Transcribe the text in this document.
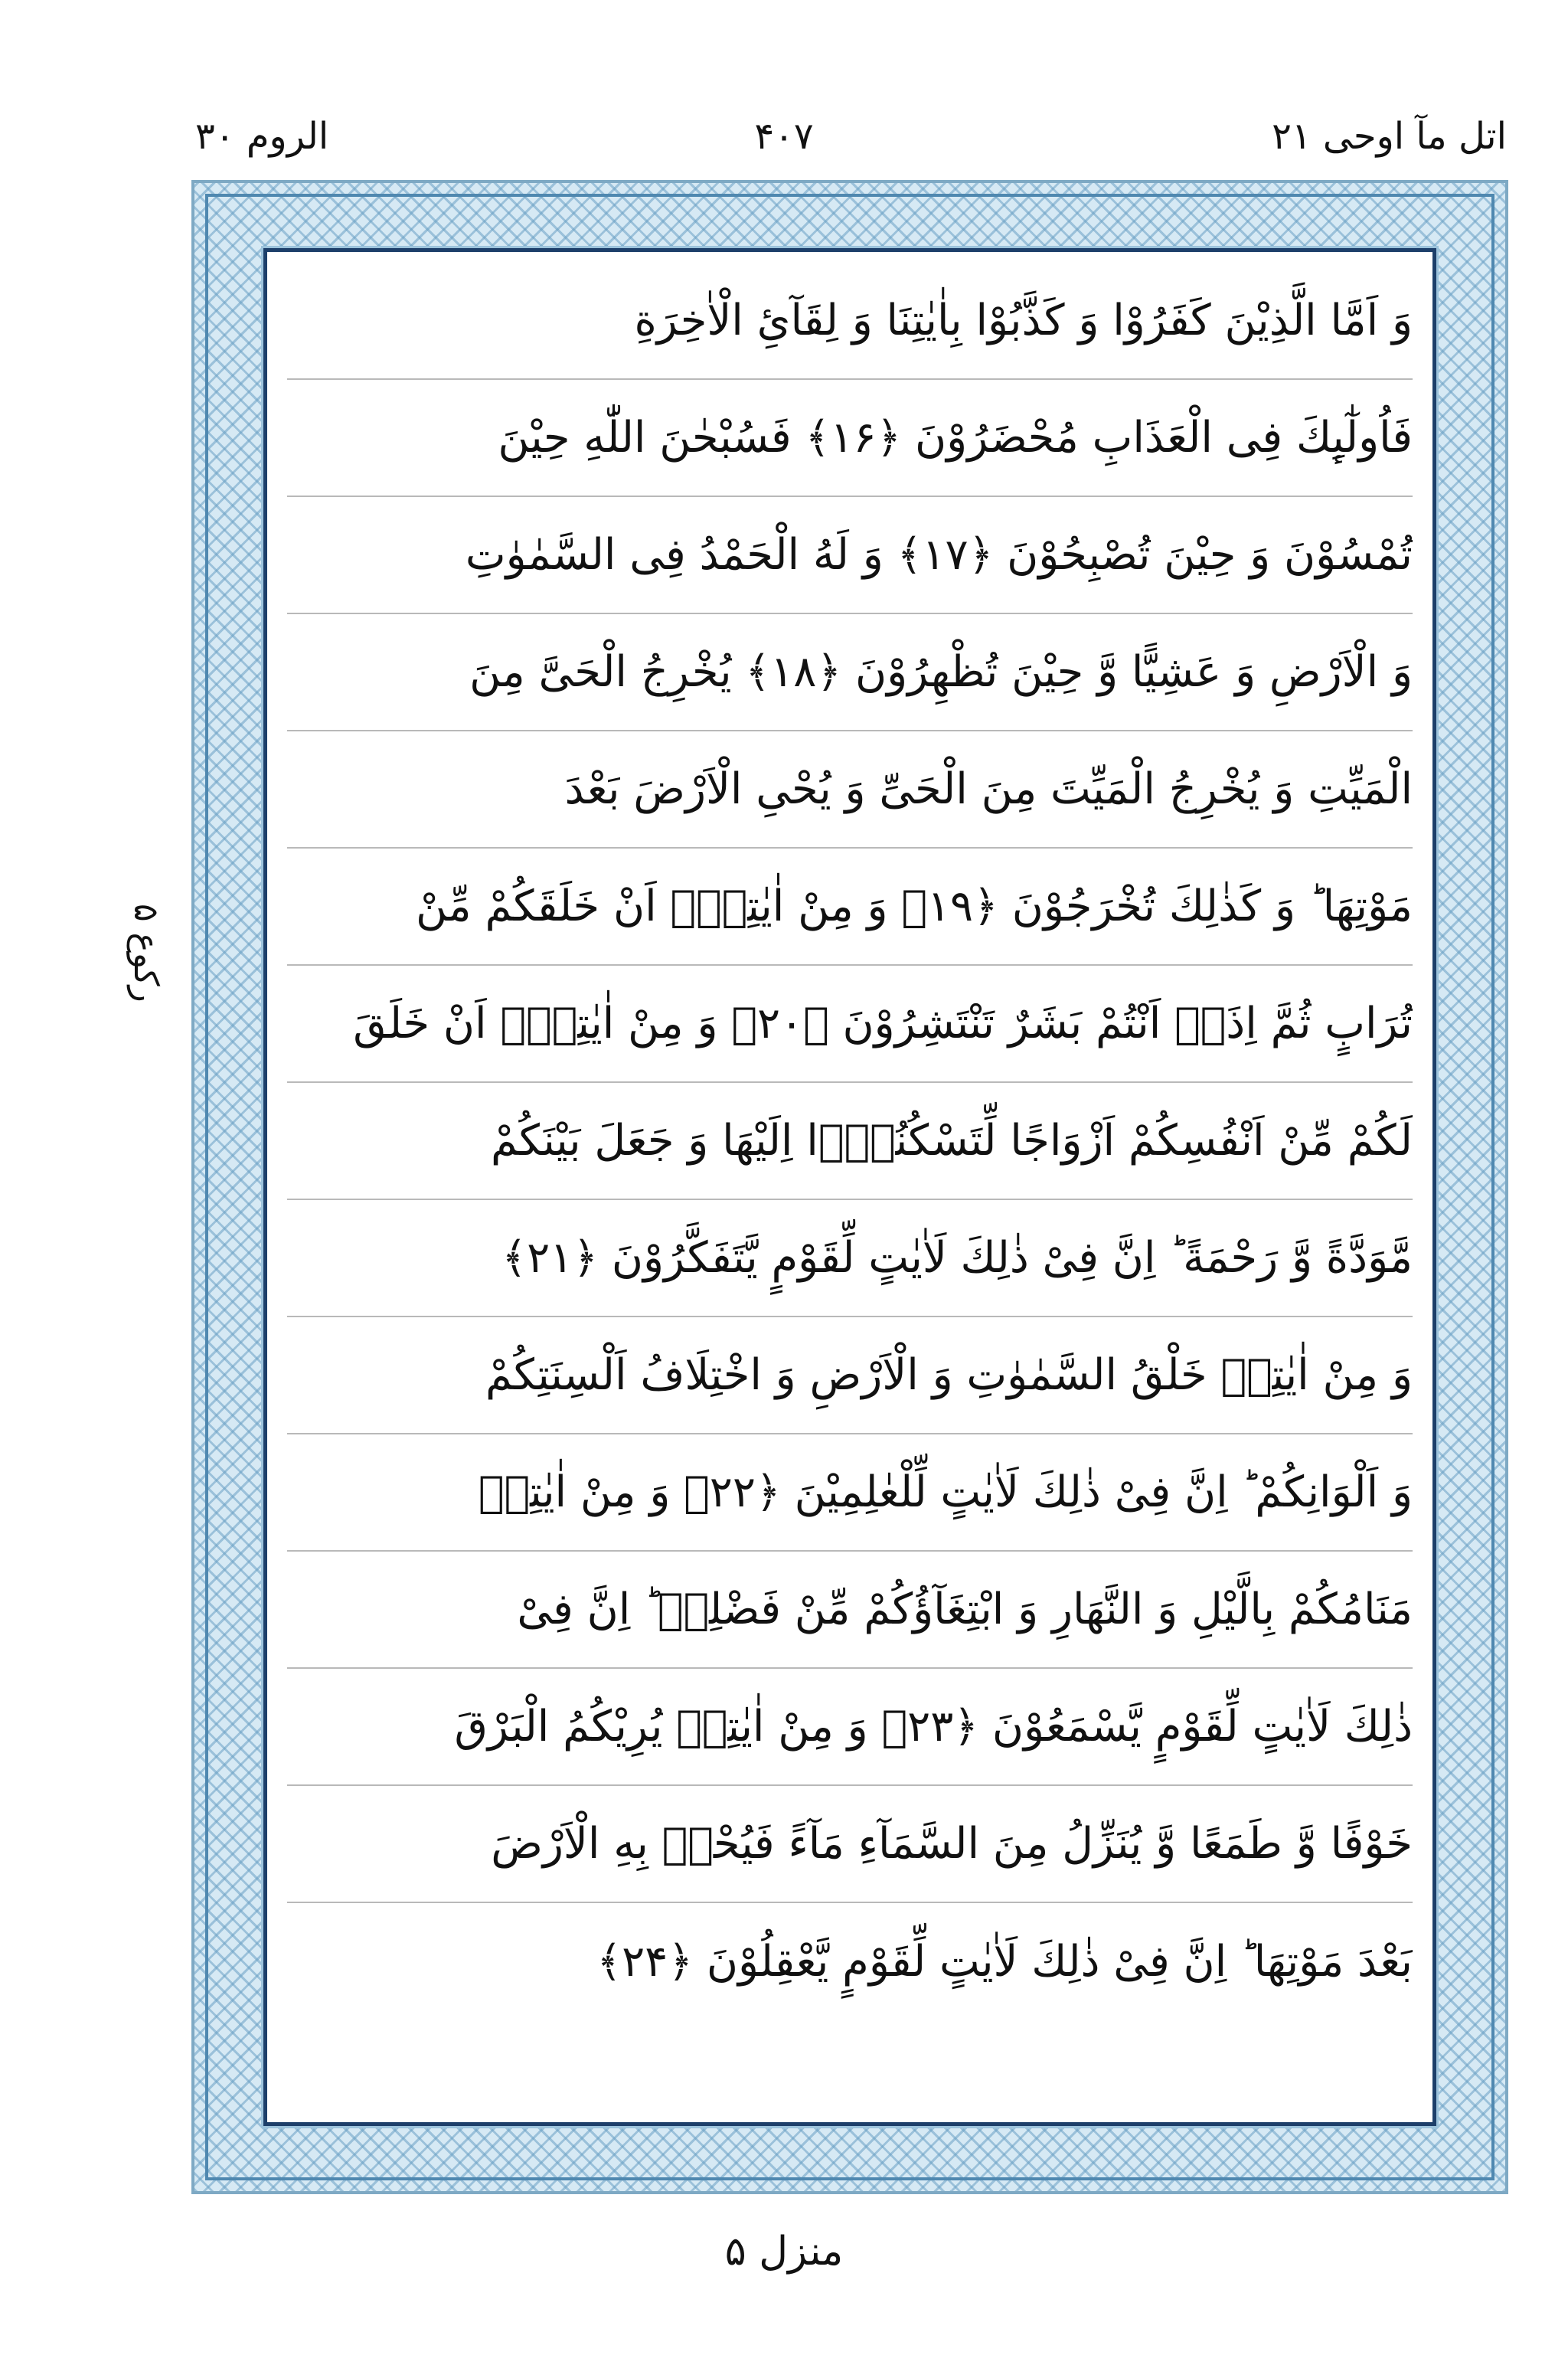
اتل مآ اوحی ۲۱
۴۰۷
الروم ۳۰
رکوع ۵
وَ اَمَّا الَّذِیْنَ كَفَرُوْا وَ كَذَّبُوْا بِاٰیٰتِنَا وَ لِقَآئِ الْاٰخِرَةِ
فَاُولٰٓىِٕكَ فِی الْعَذَابِ مُحْضَرُوْنَ ﴿۱۶﴾ فَسُبْحٰنَ اللّٰهِ حِیْنَ
تُمْسُوْنَ وَ حِیْنَ تُصْبِحُوْنَ ﴿۱۷﴾ وَ لَهُ الْحَمْدُ فِی السَّمٰوٰتِ
وَ الْاَرْضِ وَ عَشِیًّا وَّ حِیْنَ تُظْهِرُوْنَ ﴿۱۸﴾ یُخْرِجُ الْحَیَّ مِنَ
الْمَیِّتِ وَ یُخْرِجُ الْمَیِّتَ مِنَ الْحَیِّ وَ یُحْیِ الْاَرْضَ بَعْدَ
مَوْتِهَا ؕ وَ كَذٰلِكَ تُخْرَجُوْنَ ﴿۱۹﴾ وَ مِنْ اٰیٰتِهٖۤ اَنْ خَلَقَكُمْ مِّنْ
تُرَابٍ ثُمَّ اِذَاۤ اَنْتُمْ بَشَرٌ تَنْتَشِرُوْنَ ﴿۲۰﴾ وَ مِنْ اٰیٰتِهٖۤ اَنْ خَلَقَ
لَكُمْ مِّنْ اَنْفُسِكُمْ اَزْوَاجًا لِّتَسْكُنُوْۤا اِلَیْهَا وَ جَعَلَ بَیْنَكُمْ
مَّوَدَّةً وَّ رَحْمَةً ؕ اِنَّ فِیْ ذٰلِكَ لَاٰیٰتٍ لِّقَوْمٍ یَّتَفَكَّرُوْنَ ﴿۲۱﴾
وَ مِنْ اٰیٰتِهٖ خَلْقُ السَّمٰوٰتِ وَ الْاَرْضِ وَ اخْتِلَافُ اَلْسِنَتِكُمْ
وَ اَلْوَانِكُمْ ؕ اِنَّ فِیْ ذٰلِكَ لَاٰیٰتٍ لِّلْعٰلِمِیْنَ ﴿۲۲﴾ وَ مِنْ اٰیٰتِهٖ
مَنَامُكُمْ بِالَّیْلِ وَ النَّهَارِ وَ ابْتِغَآؤُكُمْ مِّنْ فَضْلِهٖ ؕ اِنَّ فِیْ
ذٰلِكَ لَاٰیٰتٍ لِّقَوْمٍ یَّسْمَعُوْنَ ﴿۲۳﴾ وَ مِنْ اٰیٰتِهٖ یُرِیْكُمُ الْبَرْقَ
خَوْفًا وَّ طَمَعًا وَّ یُنَزِّلُ مِنَ السَّمَآءِ مَآءً فَیُحْیٖ بِهِ الْاَرْضَ
بَعْدَ مَوْتِهَا ؕ اِنَّ فِیْ ذٰلِكَ لَاٰیٰتٍ لِّقَوْمٍ یَّعْقِلُوْنَ ﴿۲۴﴾
منزل ۵
